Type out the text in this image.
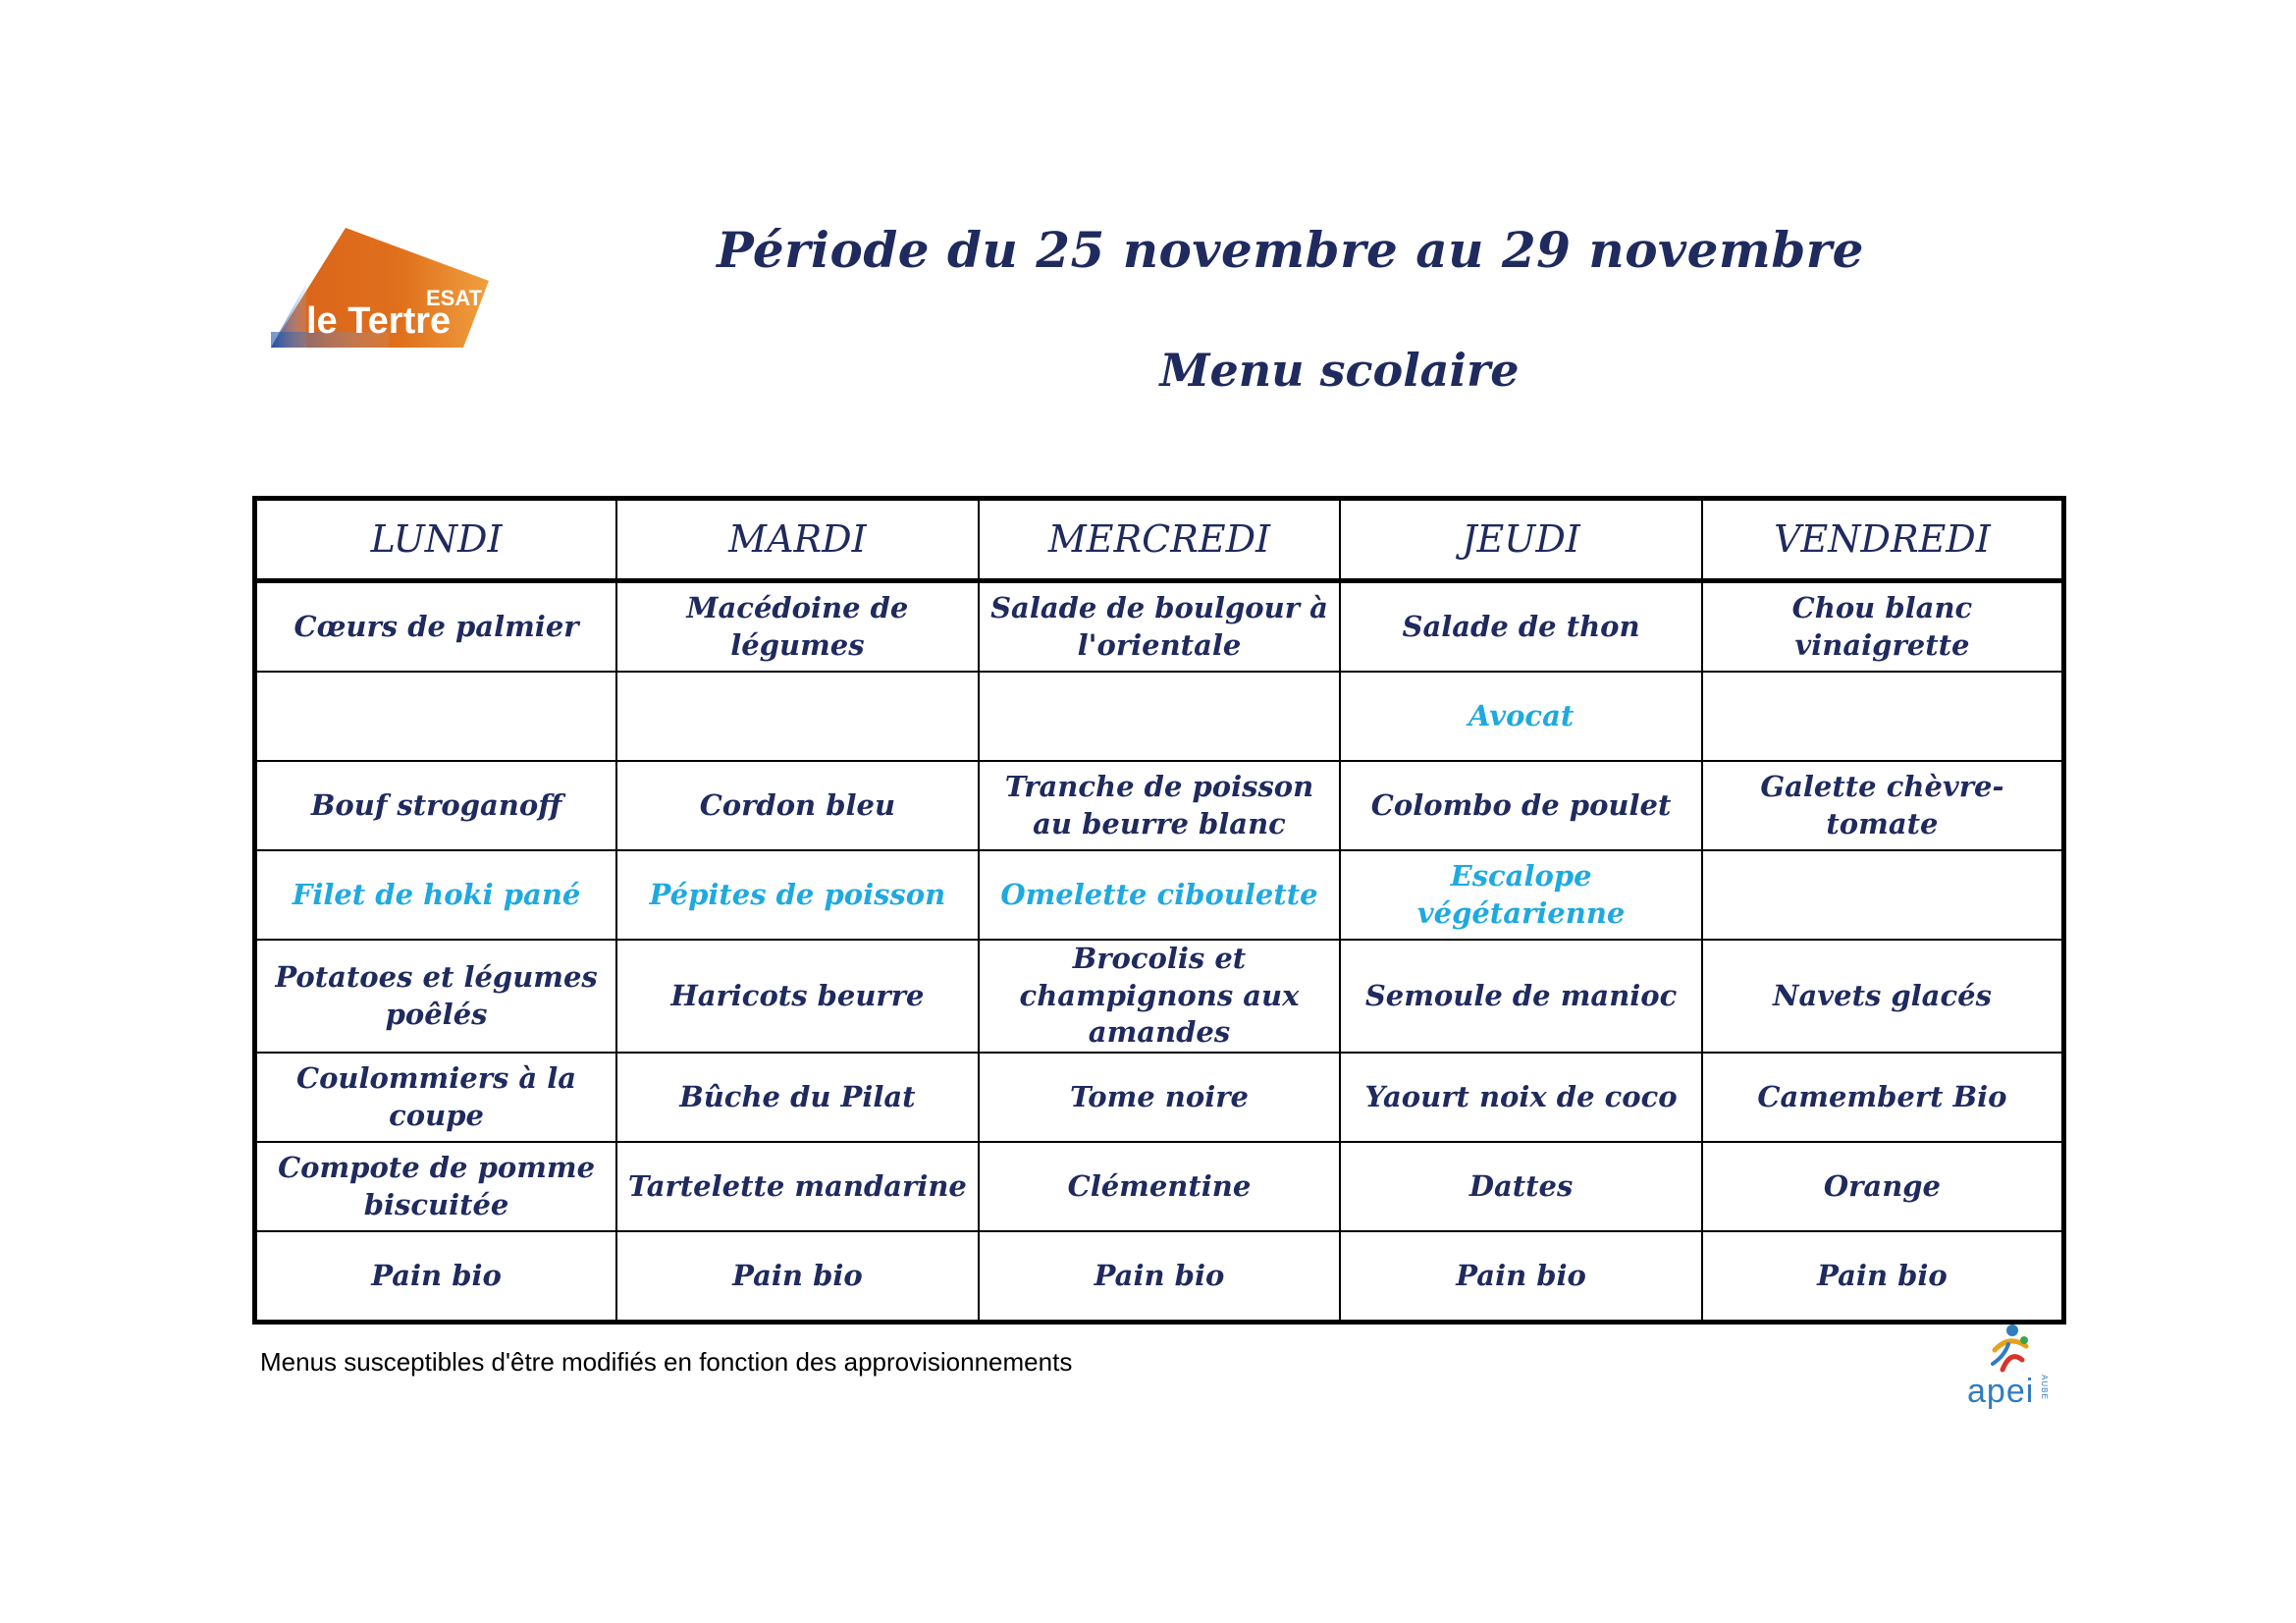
ESAT
le Tertre
Période du 25 novembre au 29 novembre
Menu scolaire
LUNDI	MARDI	MERCREDI	JEUDI	VENDREDI
Cœurs de palmier	Macédoine de légumes	Salade de boulgour à l'orientale	Salade de thon	Chou blanc vinaigrette
			Avocat	
Bouf stroganoff	Cordon bleu	Tranche de poisson au beurre blanc	Colombo de poulet	Galette chèvre-tomate
Filet de hoki pané	Pépites de poisson	Omelette ciboulette	Escalope végétarienne	
Potatoes et légumes poêlés	Haricots beurre	Brocolis et champignons aux amandes	Semoule de manioc	Navets glacés
Coulommiers à la coupe	Bûche du Pilat	Tome noire	Yaourt noix de coco	Camembert Bio
Compote de pomme biscuitée	Tartelette mandarine	Clémentine	Dattes	Orange
Pain bio	Pain bio	Pain bio	Pain bio	Pain bio
Menus susceptibles d'être modifiés en fonction des approvisionnements
apei AUBE
